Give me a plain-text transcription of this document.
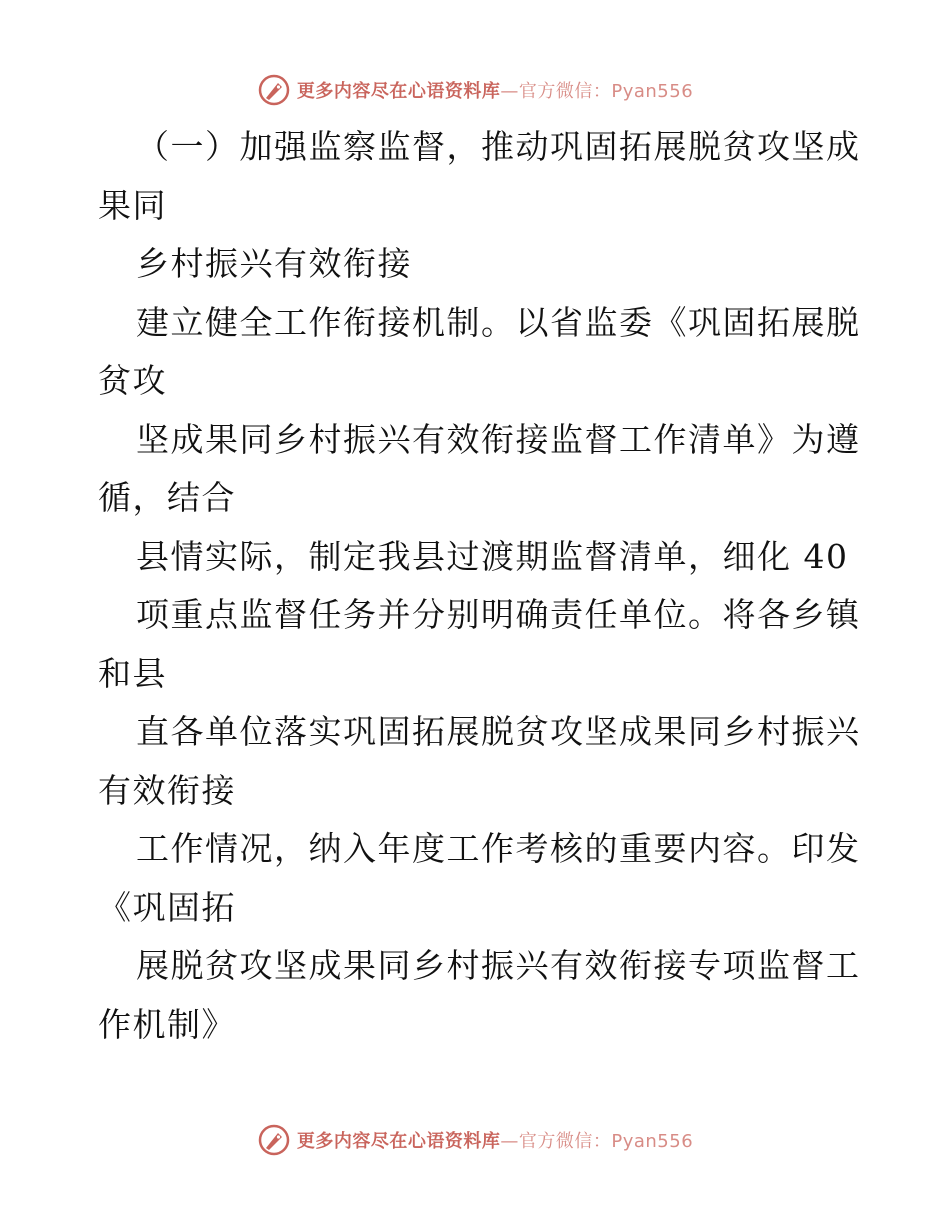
更多内容尽在心语资料库—官方微信：Pyan556
（一）加强监察监督，推动巩固拓展脱贫攻坚成
果同
乡村振兴有效衔接
建立健全工作衔接机制。以省监委《巩固拓展脱
贫攻
坚成果同乡村振兴有效衔接监督工作清单》为遵
循，结合
县情实际，制定我县过渡期监督清单，细化 40
项重点监督任务并分别明确责任单位。将各乡镇
和县
直各单位落实巩固拓展脱贫攻坚成果同乡村振兴
有效衔接
工作情况，纳入年度工作考核的重要内容。印发
《巩固拓
展脱贫攻坚成果同乡村振兴有效衔接专项监督工
作机制》
更多内容尽在心语资料库—官方微信：Pyan556
